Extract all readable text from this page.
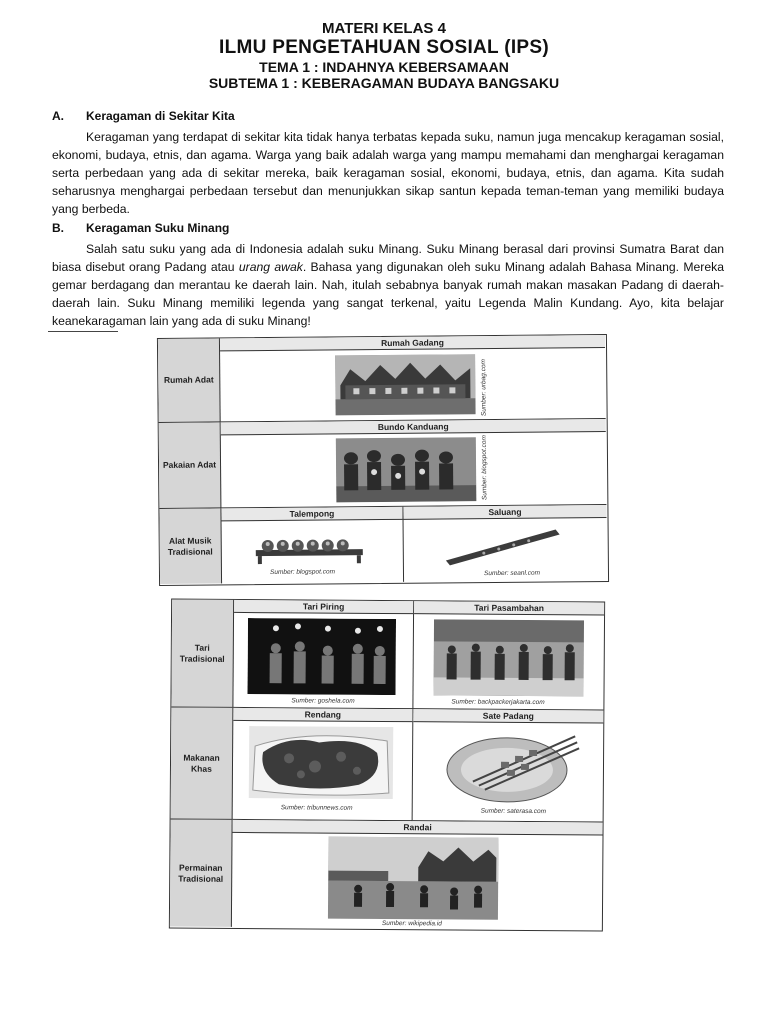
MATERI KELAS 4
ILMU PENGETAHUAN SOSIAL (IPS)
TEMA 1 : INDAHNYA KEBERSAMAAN
SUBTEMA 1 : KEBERAGAMAN BUDAYA BANGSAKU
A.	Keragaman di Sekitar Kita

Keragaman yang terdapat di sekitar kita tidak hanya terbatas kepada suku, namun juga mencakup keragaman sosial, ekonomi, budaya, etnis, dan agama. Warga yang baik adalah warga yang mampu memahami dan menghargai keragaman serta perbedaan yang ada di sekitar mereka, baik keragaman sosial, ekonomi, budaya, etnis, dan agama. Kita sudah seharusnya menghargai perbedaan tersebut dan menunjukkan sikap santun kepada teman-teman yang memiliki budaya yang berbeda.

B.	Keragaman Suku Minang

Salah satu suku yang ada di Indonesia adalah suku Minang. Suku Minang berasal dari provinsi Sumatra Barat dan biasa disebut orang Padang atau urang awak. Bahasa yang digunakan oleh suku Minang adalah Bahasa Minang. Mereka gemar berdagang dan merantau ke daerah lain. Nah, itulah sebabnya banyak rumah makan masakan Padang di daerah-daerah lain. Suku Minang memiliki legenda yang sangat terkenal, yaitu Legenda Malin Kundang. Ayo, kita belajar keanekaragaman lain yang ada di suku Minang!

Rumah Adat
Rumah Gadang
Sumber: urbag.com
Pakaian Adat
Bundo Kanduang
Sumber: blogspot.com
Alat Musik Tradisional
Talempong
Sumber: blogspot.com
Saluang
Sumber: seanl.com
Tari Tradisional
Tari Piring
Sumber: goshela.com
Tari Pasambahan
Sumber: backpackerjakarta.com
Makanan Khas
Rendang
Sumber: tribunnews.com
Sate Padang
Sumber: saterasa.com
Permainan Tradisional
Randai
Sumber: wikipedia.id
